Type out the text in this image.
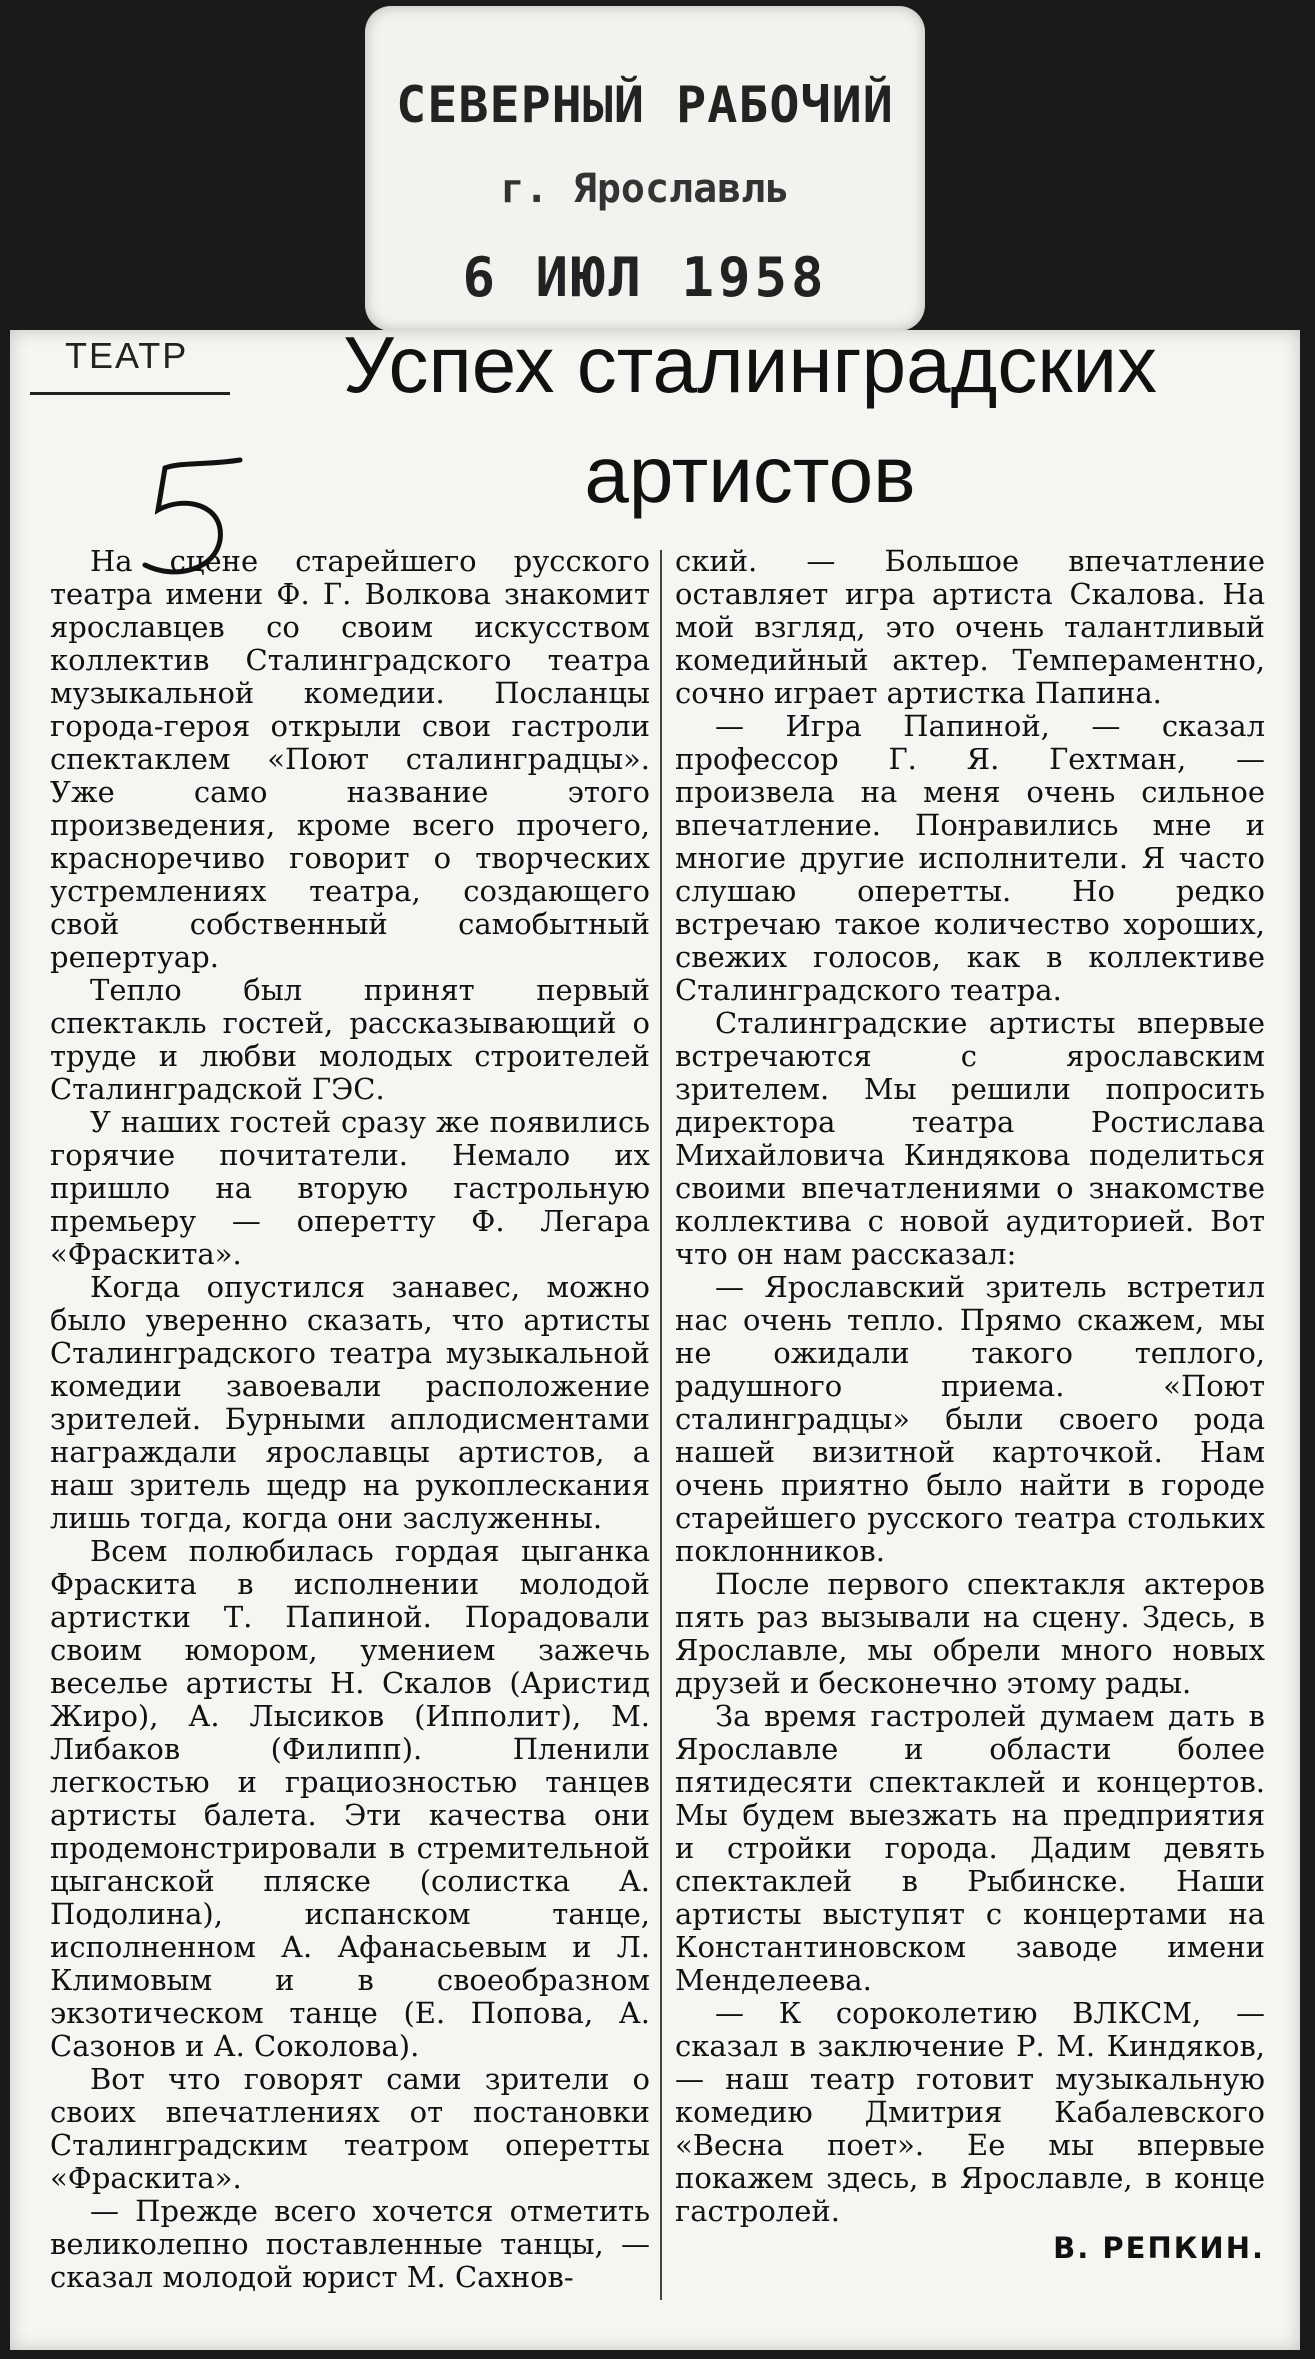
СЕВЕРНЫЙ РАБОЧИЙ
г. Ярославль
6 ИЮЛ 1958
ТЕАТР	Успех сталинградских артистов

На сцене старейшего русского театра имени Ф. Г. Волкова знакомит ярославцев со своим искусством коллектив Сталинградского театра музыкальной комедии. Посланцы города-героя открыли свои гастроли спектаклем «Поют сталинградцы». Уже само название этого произведения, кроме всего прочего, красноречиво говорит о творческих устремлениях театра, создающего свой собственный самобытный репертуар.

Тепло был принят первый спектакль гостей, рассказывающий о труде и любви молодых строителей Сталинградской ГЭС.

У наших гостей сразу же появились горячие почитатели. Немало их пришло на вторую гастрольную премьеру — оперетту Ф. Легара «Фраскита».

Когда опустился занавес, можно было уверенно сказать, что артисты Сталинградского театра музыкальной комедии завоевали расположение зрителей. Бурными аплодисментами награждали ярославцы артистов, а наш зритель щедр на рукоплескания лишь тогда, когда они заслуженны.

Всем полюбилась гордая цыганка Фраскита в исполнении молодой артистки Т. Папиной. Порадовали своим юмором, умением зажечь веселье артисты Н. Скалов (Аристид Жиро), А. Лысиков (Ипполит), М. Либаков (Филипп). Пленили легкостью и грациозностью танцев артисты балета. Эти качества они продемонстрировали в стремительной цыганской пляске (солистка А. Подолина), испанском танце, исполненном А. Афанасьевым и Л. Климовым и в своеобразном экзотическом танце (Е. Попова, А. Сазонов и А. Соколова).

Вот что говорят сами зрители о своих впечатлениях от постановки Сталинградским театром оперетты «Фраскита».

— Прежде всего хочется отметить великолепно поставленные танцы, — сказал молодой юрист М. Сахнов-

ский. — Большое впечатление оставляет игра артиста Скалова. На мой взгляд, это очень талантливый комедийный актер. Темпераментно, сочно играет артистка Папина.

— Игра Папиной, — сказал профессор Г. Я. Гехтман, — произвела на меня очень сильное впечатление. Понравились мне и многие другие исполнители. Я часто слушаю оперетты. Но редко встречаю такое количество хороших, свежих голосов, как в коллективе Сталинградского театра.

Сталинградские артисты впервые встречаются с ярославским зрителем. Мы решили попросить директора театра Ростислава Михайловича Киндякова поделиться своими впечатлениями о знакомстве коллектива с новой аудиторией. Вот что он нам рассказал:

— Ярославский зритель встретил нас очень тепло. Прямо скажем, мы не ожидали такого теплого, радушного приема. «Поют сталинградцы» были своего рода нашей визитной карточкой. Нам очень приятно было найти в городе старейшего русского театра стольких поклонников.

После первого спектакля актеров пять раз вызывали на сцену. Здесь, в Ярославле, мы обрели много новых друзей и бесконечно этому рады.

За время гастролей думаем дать в Ярославле и области более пятидесяти спектаклей и концертов. Мы будем выезжать на предприятия и стройки города. Дадим девять спектаклей в Рыбинске. Наши артисты выступят с концертами на Константиновском заводе имени Менделеева.

— К сороколетию ВЛКСМ, — сказал в заключение Р. М. Киндяков, — наш театр готовит музыкальную комедию Дмитрия Кабалевского «Весна поет». Ее мы впервые покажем здесь, в Ярославле, в конце гастролей.

В. РЕПКИН.
